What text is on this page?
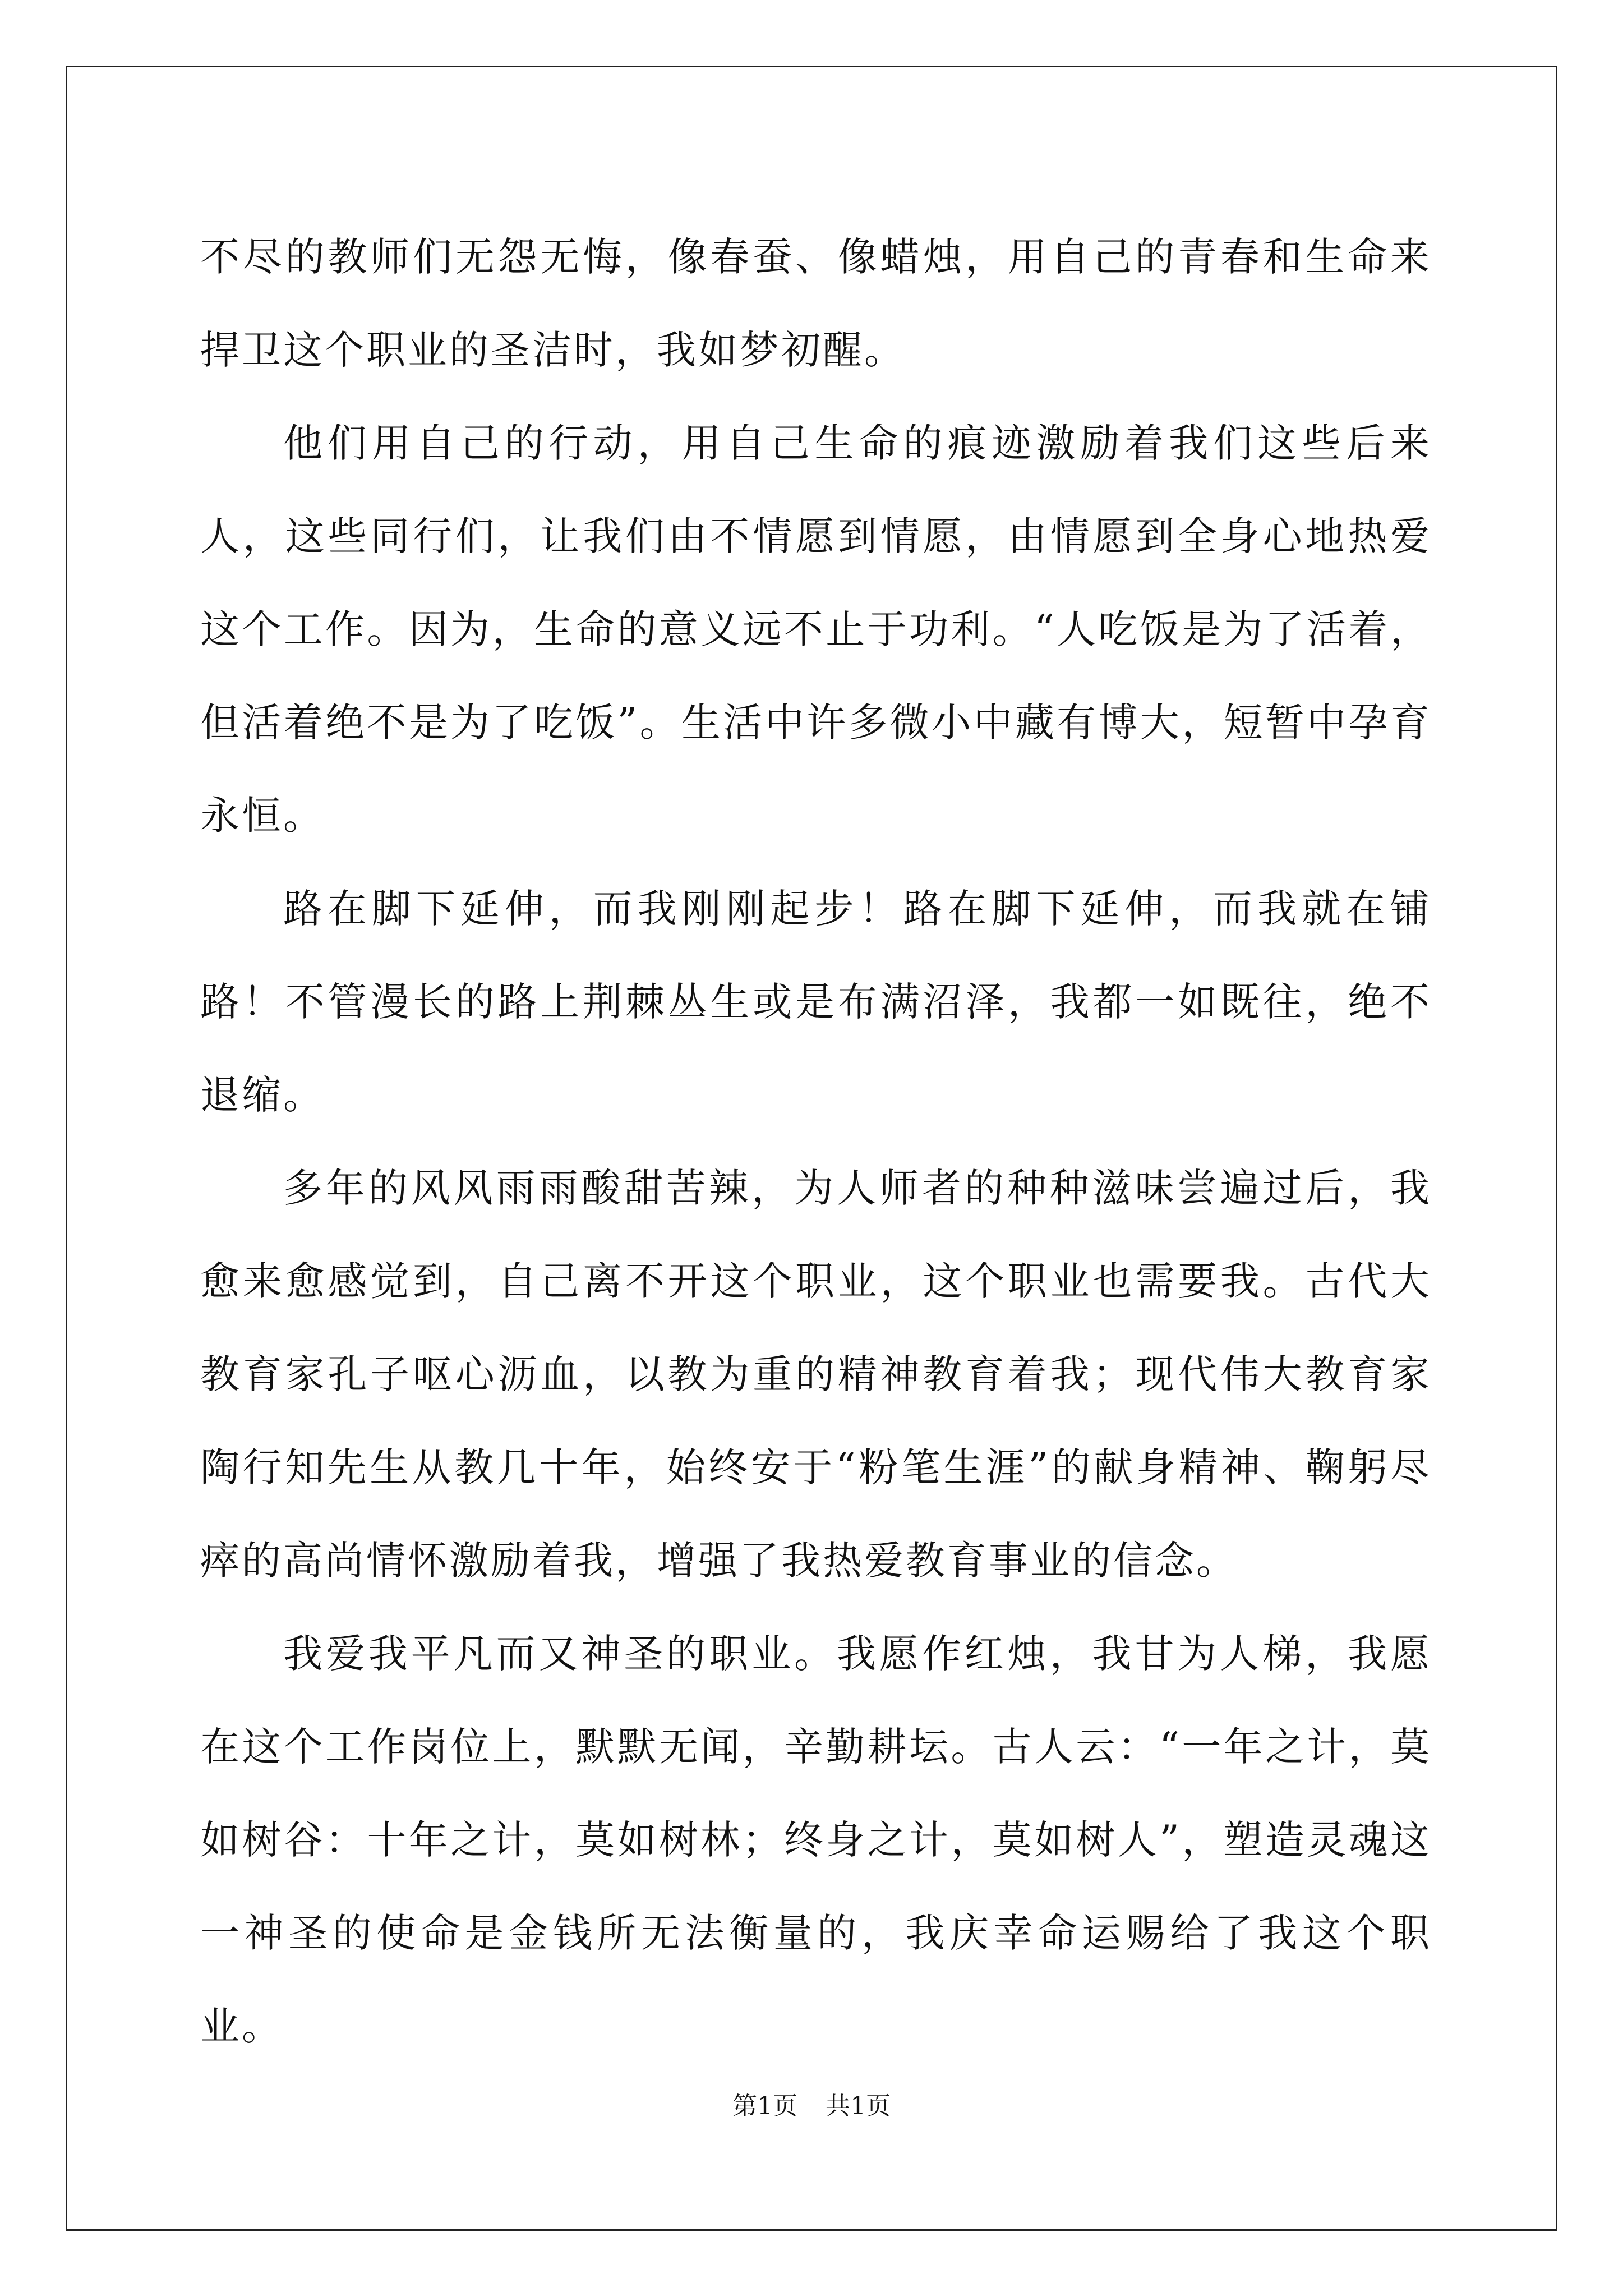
不尽的教师们无怨无悔，像春蚕、像蜡烛，用自己的青春和生命来捍卫这个职业的圣洁时，我如梦初醒。

他们用自己的行动，用自己生命的痕迹激励着我们这些后来人，这些同行们，让我们由不情愿到情愿，由情愿到全身心地热爱这个工作。因为，生命的意义远不止于功利。“人吃饭是为了活着，但活着绝不是为了吃饭”。生活中许多微小中藏有博大，短暂中孕育永恒。

路在脚下延伸，而我刚刚起步！路在脚下延伸，而我就在铺路！不管漫长的路上荆棘丛生或是布满沼泽，我都一如既往，绝不退缩。

多年的风风雨雨酸甜苦辣，为人师者的种种滋味尝遍过后，我愈来愈感觉到，自己离不开这个职业，这个职业也需要我。古代大教育家孔子呕心沥血，以教为重的精神教育着我；现代伟大教育家陶行知先生从教几十年，始终安于“粉笔生涯”的献身精神、鞠躬尽瘁的高尚情怀激励着我，增强了我热爱教育事业的信念。

我爱我平凡而又神圣的职业。我愿作红烛，我甘为人梯，我愿在这个工作岗位上，默默无闻，辛勤耕坛。古人云：“一年之计，莫如树谷：十年之计，莫如树林；终身之计，莫如树人”，塑造灵魂这一神圣的使命是金钱所无法衡量的，我庆幸命运赐给了我这个职业。

第1页 共1页
